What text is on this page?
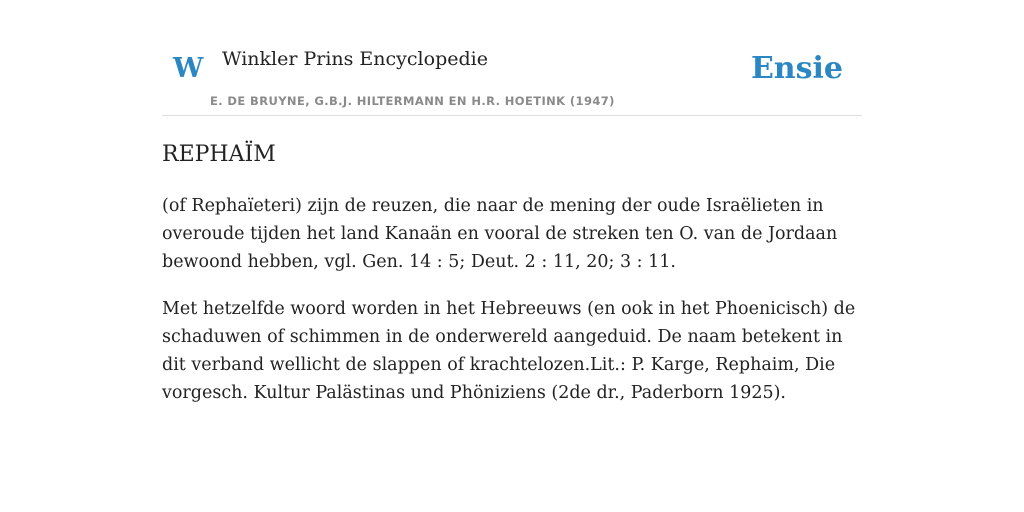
W Winkler Prins Encyclopedie
E. DE BRUYNE, G.B.J. HILTERMANN EN H.R. HOETINK (1947)
Ensie
REPHAÏM

(of Rephaïeteri) zijn de reuzen, die naar de mening der oude Israëlieten in overoude tijden het land Kanaän en vooral de streken ten O. van de Jordaan bewoond hebben, vgl. Gen. 14 : 5; Deut. 2 : 11, 20; 3 : 11.

Met hetzelfde woord worden in het Hebreeuws (en ook in het Phoenicisch) de schaduwen of schimmen in de onderwereld aangeduid. De naam betekent in dit verband wellicht de slappen of krachtelozen.Lit.: P. Karge, Rephaim, Die vorgesch. Kultur Palästinas und Phöniziens (2de dr., Paderborn 1925).
